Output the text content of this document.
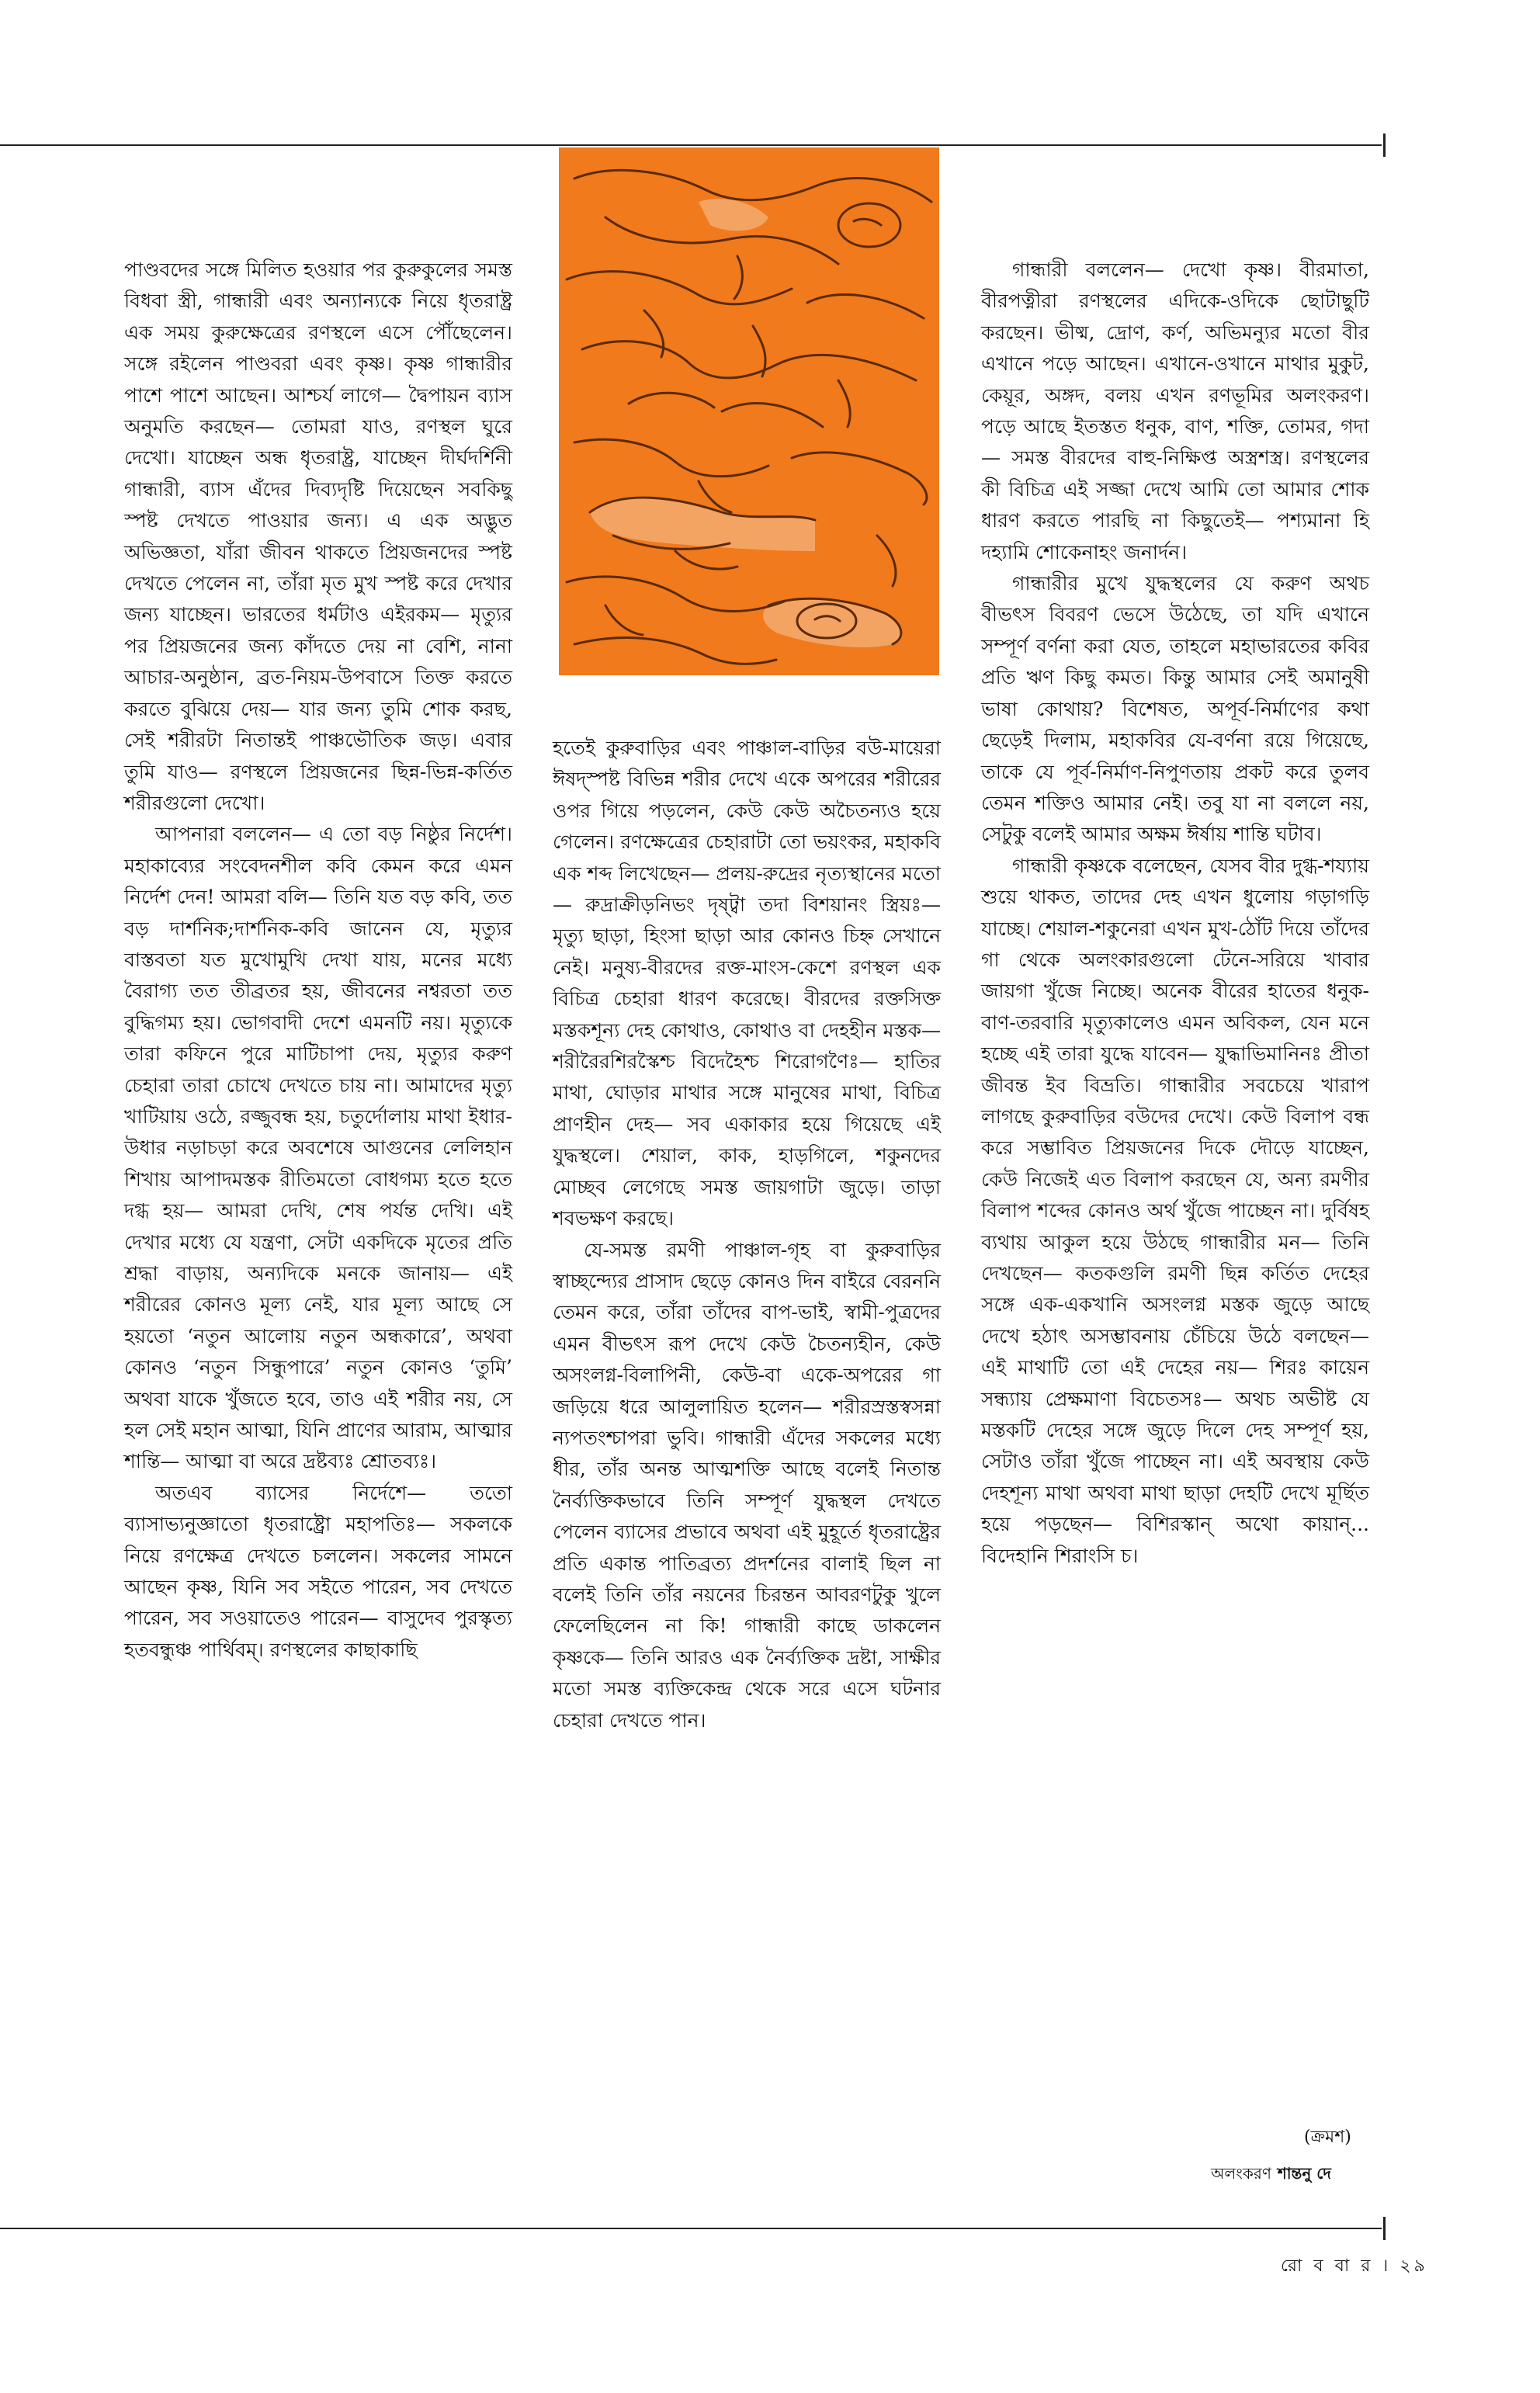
পাণ্ডবদের সঙ্গে মিলিত হওয়ার পর কুরুকুলের সমস্ত বিধবা স্ত্রী, গান্ধারী এবং অন্যান্যকে নিয়ে ধৃতরাষ্ট্র এক সময় কুরুক্ষেত্রের রণস্থলে এসে পৌঁছেলেন। সঙ্গে রইলেন পাণ্ডবরা এবং কৃষ্ণ। কৃষ্ণ গান্ধারীর পাশে পাশে আছেন। আশ্চর্য লাগে— দ্বৈপায়ন ব্যাস অনুমতি করছেন— তোমরা যাও, রণস্থল ঘুরে দেখো। যাচ্ছেন অন্ধ ধৃতরাষ্ট্র, যাচ্ছেন দীর্ঘদর্শিনী গান্ধারী, ব্যাস এঁদের দিব্যদৃষ্টি দিয়েছেন সবকিছু স্পষ্ট দেখতে পাওয়ার জন্য। এ এক অদ্ভুত অভিজ্ঞতা, যাঁরা জীবন থাকতে প্রিয়জনদের স্পষ্ট দেখতে পেলেন না, তাঁরা মৃত মুখ স্পষ্ট করে দেখার জন্য যাচ্ছেন। ভারতের ধর্মটাও এইরকম— মৃত্যুর পর প্রিয়জনের জন্য কাঁদতে দেয় না বেশি, নানা আচার-অনুষ্ঠান, ব্রত-নিয়ম-উপবাসে তিক্ত করতে করতে বুঝিয়ে দেয়— যার জন্য তুমি শোক করছ, সেই শরীরটা নিতান্তই পাঞ্চভৌতিক জড়। এবার তুমি যাও— রণস্থলে প্রিয়জনের ছিন্ন-ভিন্ন-কর্তিত শরীরগুলো দেখো।

আপনারা বললেন— এ তো বড় নিষ্ঠুর নির্দেশ। মহাকাব্যের সংবেদনশীল কবি কেমন করে এমন নির্দেশ দেন! আমরা বলি— তিনি যত বড় কবি, তত বড় দার্শনিক;দার্শনিক-কবি জানেন যে, মৃত্যুর বাস্তবতা যত মুখোমুখি দেখা যায়, মনের মধ্যে বৈরাগ্য তত তীব্রতর হয়, জীবনের নশ্বরতা তত বুদ্ধিগম্য হয়। ভোগবাদী দেশে এমনটি নয়। মৃত্যুকে তারা কফিনে পুরে মাটিচাপা দেয়, মৃত্যুর করুণ চেহারা তারা চোখে দেখতে চায় না। আমাদের মৃত্যু খাটিয়ায় ওঠে, রজ্জুবন্ধ হয়, চতুর্দোলায় মাথা ইধার-উধার নড়াচড়া করে অবশেষে আগুনের লেলিহান শিখায় আপাদমস্তক রীতিমতো বোধগম্য হতে হতে দগ্ধ হয়— আমরা দেখি, শেষ পর্যন্ত দেখি। এই দেখার মধ্যে যে যন্ত্রণা, সেটা একদিকে মৃতের প্রতি শ্রদ্ধা বাড়ায়, অন্যদিকে মনকে জানায়— এই শরীরের কোনও মূল্য নেই, যার মূল্য আছে সে হয়তো ‘নতুন আলোয় নতুন অন্ধকারে’, অথবা কোনও ‘নতুন সিন্ধুপারে’ নতুন কোনও ‘তুমি’ অথবা যাকে খুঁজতে হবে, তাও এই শরীর নয়, সে হল সেই মহান আত্মা, যিনি প্রাণের আরাম, আত্মার শান্তি— আত্মা বা অরে দ্রষ্টব্যঃ শ্রোতব্যঃ।

অতএব ব্যাসের নির্দেশে— ততো ব্যাসাভ্যনুজ্ঞাতো ধৃতরাষ্ট্রো মহাপতিঃ— সকলকে নিয়ে রণক্ষেত্র দেখতে চললেন। সকলের সামনে আছেন কৃষ্ণ, যিনি সব সইতে পারেন, সব দেখতে পারেন, সব সওয়াতেও পারেন— বাসুদেব পুরস্কৃত্য হতবন্ধুঞ্চ পার্থিবম্। রণস্থলের কাছাকাছি

হতেই কুরুবাড়ির এবং পাঞ্চাল-বাড়ির বউ-মায়েরা ঈষদ্‌স্পষ্ট বিভিন্ন শরীর দেখে একে অপরের শরীরের ওপর গিয়ে পড়লেন, কেউ কেউ অচৈতন্যও হয়ে গেলেন। রণক্ষেত্রের চেহারাটা তো ভয়ংকর, মহাকবি এক শব্দ লিখেছেন— প্রলয়-রুদ্রের নৃত্যস্থানের মতো— রুদ্রাক্রীড়নিভং দৃষ্ট্বা তদা বিশয়ানং স্ত্রিয়ঃ— মৃত্যু ছাড়া, হিংসা ছাড়া আর কোনও চিহ্ন সেখানে নেই। মনুষ্য-বীরদের রক্ত-মাংস-কেশে রণস্থল এক বিচিত্র চেহারা ধারণ করেছে। বীরদের রক্তসিক্ত মস্তকশূন্য দেহ কোথাও, কোথাও বা দেহহীন মস্তক— শরীরৈরশিরস্কৈশ্চ বিদেহৈশ্চ শিরোগণৈঃ— হাতির মাথা, ঘোড়ার মাথার সঙ্গে মানুষের মাথা, বিচিত্র প্রাণহীন দেহ— সব একাকার হয়ে গিয়েছে এই যুদ্ধস্থলে। শেয়াল, কাক, হাড়গিলে, শকুনদের মোচ্ছব লেগেছে সমস্ত জায়গাটা জুড়ে। তাড়া শবভক্ষণ করছে।

যে-সমস্ত রমণী পাঞ্চাল-গৃহ বা কুরুবাড়ির স্বাচ্ছন্দ্যের প্রাসাদ ছেড়ে কোনও দিন বাইরে বেরননি তেমন করে, তাঁরা তাঁদের বাপ-ভাই, স্বামী-পুত্রদের এমন বীভৎস রূপ দেখে কেউ চৈতন্যহীন, কেউ অসংলগ্ন-বিলাপিনী, কেউ-বা একে-অপরের গা জড়িয়ে ধরে আলুলায়িত হলেন— শরীরস্রস্তস্বসন্না ন্যপতংশ্চাপরা ভুবি। গান্ধারী এঁদের সকলের মধ্যে ধীর, তাঁর অনন্ত আত্মশক্তি আছে বলেই নিতান্ত নৈর্ব্যক্তিকভাবে তিনি সম্পূর্ণ যুদ্ধস্থল দেখতে পেলেন ব্যাসের প্রভাবে অথবা এই মুহূর্তে ধৃতরাষ্ট্রের প্রতি একান্ত পাতিব্রত্য প্রদর্শনের বালাই ছিল না বলেই তিনি তাঁর নয়নের চিরন্তন আবরণটুকু খুলে ফেলেছিলেন না কি! গান্ধারী কাছে ডাকলেন কৃষ্ণকে— তিনি আরও এক নৈর্ব্যক্তিক দ্রষ্টা, সাক্ষীর মতো সমস্ত ব্যক্তিকেন্দ্র থেকে সরে এসে ঘটনার চেহারা দেখতে পান।

গান্ধারী বললেন— দেখো কৃষ্ণ। বীরমাতা, বীরপত্নীরা রণস্থলের এদিকে-ওদিকে ছোটাছুটি করছেন। ভীষ্ম, দ্রোণ, কর্ণ, অভিমন্যুর মতো বীর এখানে পড়ে আছেন। এখানে-ওখানে মাথার মুকুট, কেয়ূর, অঙ্গদ, বলয় এখন রণভূমির অলংকরণ। পড়ে আছে ইতস্তত ধনুক, বাণ, শক্তি, তোমর, গদা— সমস্ত বীরদের বাহু-নিক্ষিপ্ত অস্ত্রশস্ত্র। রণস্থলের কী বিচিত্র এই সজ্জা দেখে আমি তো আমার শোক ধারণ করতে পারছি না কিছুতেই— পশ্যমানা হি দহ্যামি শোকেনাহং জনার্দন।

গান্ধারীর মুখে যুদ্ধস্থলের যে করুণ অথচ বীভৎস বিবরণ ভেসে উঠেছে, তা যদি এখানে সম্পূর্ণ বর্ণনা করা যেত, তাহলে মহাভারতের কবির প্রতি ঋণ কিছু কমত। কিন্তু আমার সেই অমানুষী ভাষা কোথায়? বিশেষত, অপূর্ব-নির্মাণের কথা ছেড়েই দিলাম, মহাকবির যে-বর্ণনা রয়ে গিয়েছে, তাকে যে পূর্ব-নির্মাণ-নিপুণতায় প্রকট করে তুলব তেমন শক্তিও আমার নেই। তবু যা না বললে নয়, সেটুকু বলেই আমার অক্ষম ঈর্ষায় শান্তি ঘটাব।

গান্ধারী কৃষ্ণকে বলেছেন, যেসব বীর দুগ্ধ-শয্যায় শুয়ে থাকত, তাদের দেহ এখন ধুলোয় গড়াগড়ি যাচ্ছে। শেয়াল-শকুনেরা এখন মুখ-ঠোঁট দিয়ে তাঁদের গা থেকে অলংকারগুলো টেনে-সরিয়ে খাবার জায়গা খুঁজে নিচ্ছে। অনেক বীরের হাতের ধনুক-বাণ-তরবারি মৃত্যুকালেও এমন অবিকল, যেন মনে হচ্ছে এই তারা যুদ্ধে যাবেন— যুদ্ধাভিমানিনঃ প্রীতা জীবন্ত ইব বিভ্রতি। গান্ধারীর সবচেয়ে খারাপ লাগছে কুরুবাড়ির বউদের দেখে। কেউ বিলাপ বন্ধ করে সম্ভাবিত প্রিয়জনের দিকে দৌড়ে যাচ্ছেন, কেউ নিজেই এত বিলাপ করছেন যে, অন্য রমণীর বিলাপ শব্দের কোনও অর্থ খুঁজে পাচ্ছেন না। দুর্বিষহ ব্যথায় আকুল হয়ে উঠছে গান্ধারীর মন— তিনি দেখছেন— কতকগুলি রমণী ছিন্ন কর্তিত দেহের সঙ্গে এক-একখানি অসংলগ্ন মস্তক জুড়ে আছে দেখে হঠাৎ অসম্ভাবনায় চেঁচিয়ে উঠে বলছেন— এই মাথাটি তো এই দেহের নয়— শিরঃ কায়েন সন্ধ্যায় প্রেক্ষমাণা বিচেতসঃ— অথচ অভীষ্ট যে মস্তকটি দেহের সঙ্গে জুড়ে দিলে দেহ সম্পূর্ণ হয়, সেটাও তাঁরা খুঁজে পাচ্ছেন না। এই অবস্থায় কেউ দেহশূন্য মাথা অথবা মাথা ছাড়া দেহটি দেখে মূর্ছিত হয়ে পড়ছেন— বিশিরস্কান্ অথো কায়ান্... বিদেহানি শিরাংসি চ।

(ক্রমশ)
অলংকরণ শান্তনু দে
রো ব বা র । ২৯
